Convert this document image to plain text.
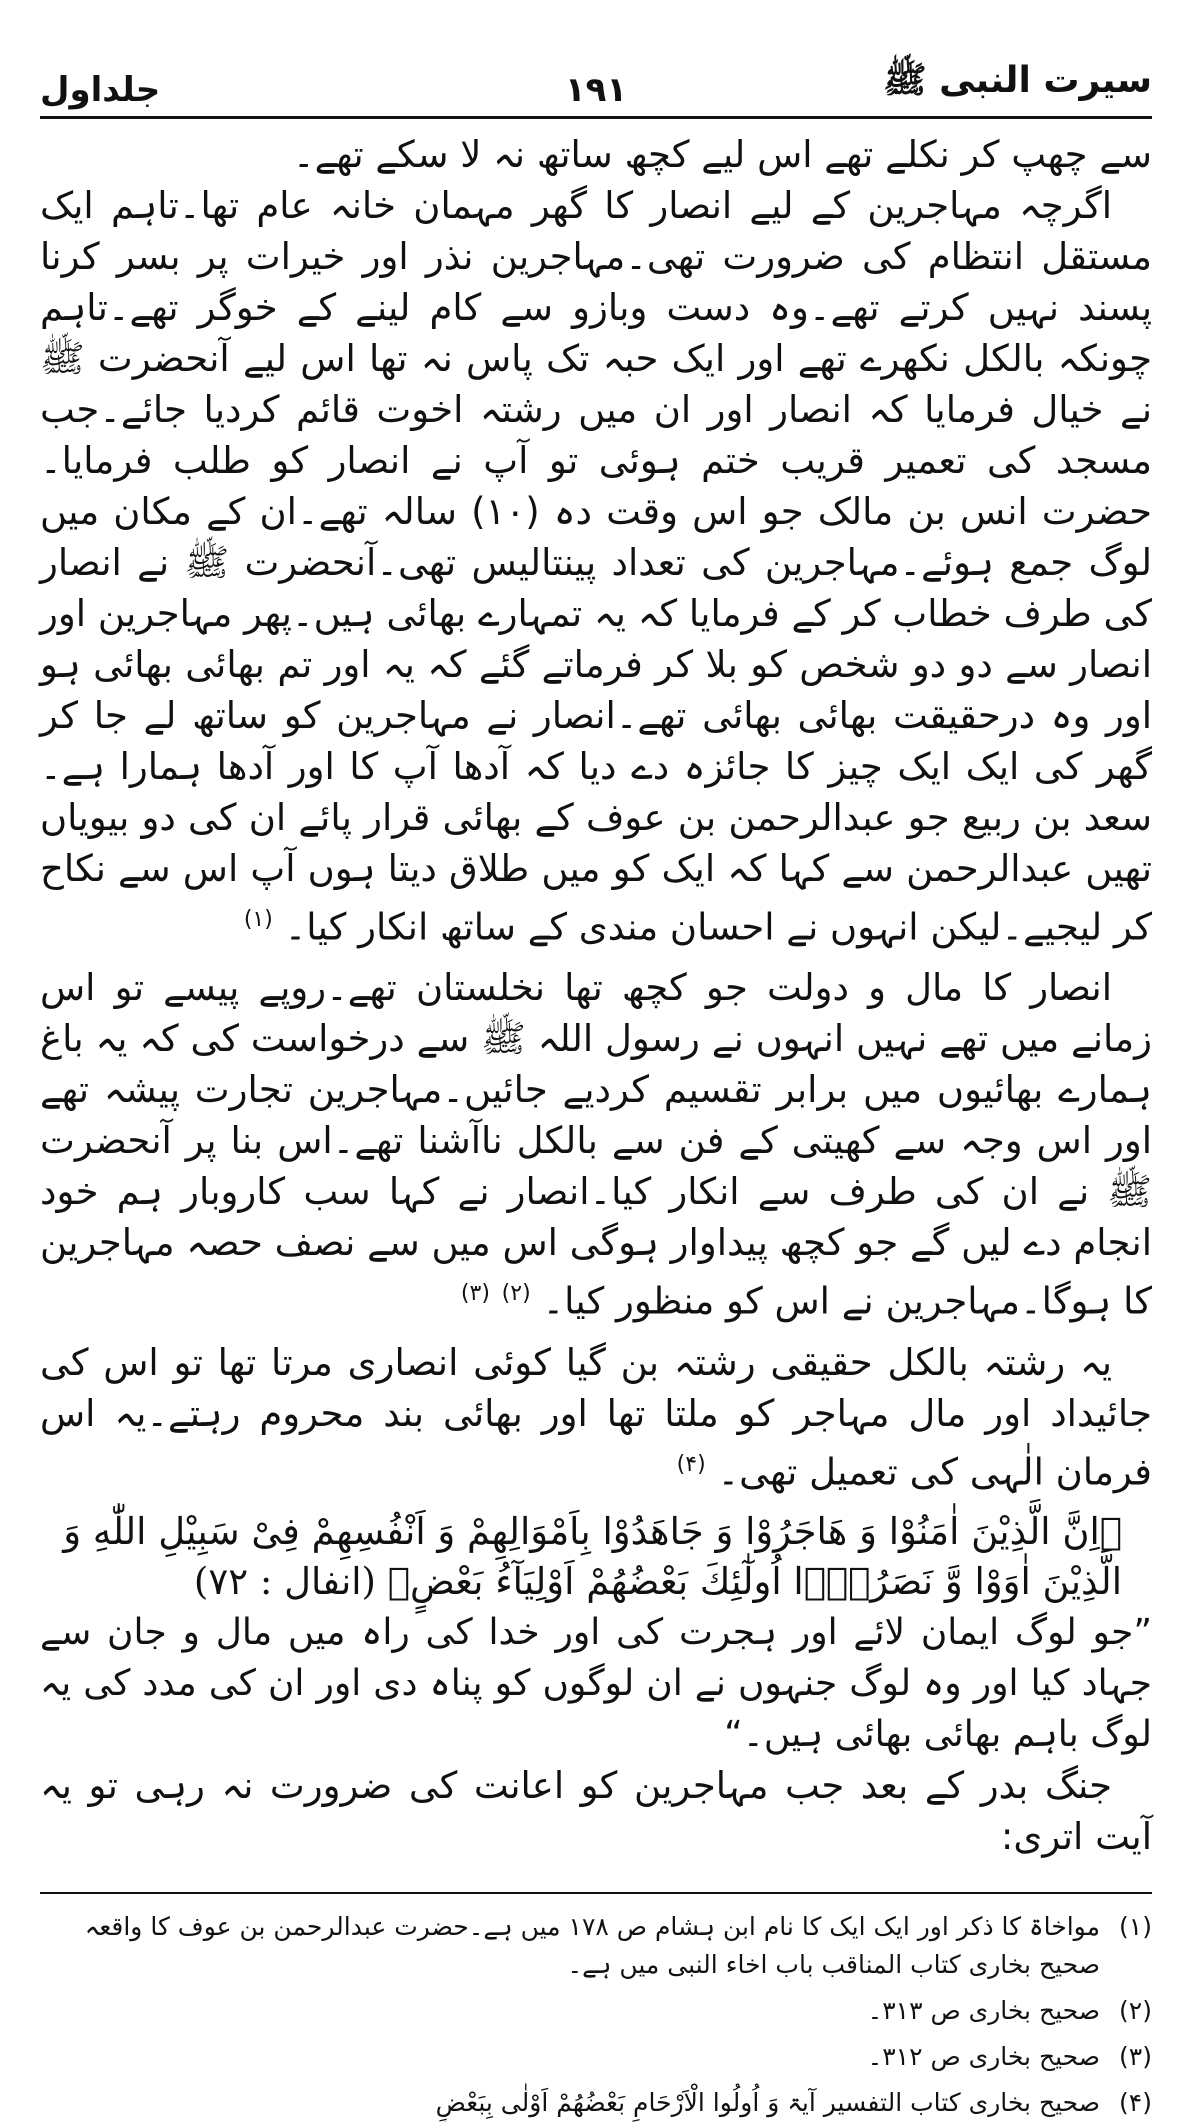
سیرت النبی ﷺ
۱۹۱
جلداول

سے چھپ کر نکلے تھے اس لیے کچھ ساتھ نہ لا سکے تھے۔

اگرچہ مہاجرین کے لیے انصار کا گھر مہمان خانہ عام تھا۔تاہم ایک مستقل انتظام کی ضرورت تھی۔مہاجرین نذر اور خیرات پر بسر کرنا پسند نہیں کرتے تھے۔وہ دست وبازو سے کام لینے کے خوگر تھے۔تاہم چونکہ بالکل نکھرے تھے اور ایک حبہ تک پاس نہ تھا اس لیے آنحضرت ﷺ نے خیال فرمایا کہ انصار اور ان میں رشتہ اخوت قائم کردیا جائے۔جب مسجد کی تعمیر قریب ختم ہوئی تو آپ نے انصار کو طلب فرمایا۔حضرت انس بن مالک جو اس وقت دہ (۱۰) سالہ تھے۔ان کے مکان میں لوگ جمع ہوئے۔مہاجرین کی تعداد پینتالیس تھی۔آنحضرت ﷺ نے انصار کی طرف خطاب کر کے فرمایا کہ یہ تمہارے بھائی ہیں۔پھر مہاجرین اور انصار سے دو دو شخص کو بلا کر فرماتے گئے کہ یہ اور تم بھائی بھائی ہو اور وہ درحقیقت بھائی بھائی تھے۔انصار نے مہاجرین کو ساتھ لے جا کر گھر کی ایک ایک چیز کا جائزہ دے دیا کہ آدھا آپ کا اور آدھا ہمارا ہے۔سعد بن ربیع جو عبدالرحمن بن عوف کے بھائی قرار پائے ان کی دو بیویاں تھیں عبدالرحمن سے کہا کہ ایک کو میں طلاق دیتا ہوں آپ اس سے نکاح کر لیجیے۔لیکن انہوں نے احسان مندی کے ساتھ انکار کیا۔ $^{(۱)}$

انصار کا مال و دولت جو کچھ تھا نخلستان تھے۔روپے پیسے تو اس زمانے میں تھے نہیں انہوں نے رسول اللہ ﷺ سے درخواست کی کہ یہ باغ ہمارے بھائیوں میں برابر تقسیم کردیے جائیں۔مہاجرین تجارت پیشہ تھے اور اس وجہ سے کھیتی کے فن سے بالکل ناآشنا تھے۔اس بنا پر آنحضرت ﷺ نے ان کی طرف سے انکار کیا۔انصار نے کہا سب کاروبار ہم خود انجام دے لیں گے جو کچھ پیداوار ہوگی اس میں سے نصف حصہ مہاجرین کا ہوگا۔مہاجرین نے اس کو منظور کیا۔ $^{(۲)}$ $^{(۳)}$

یہ رشتہ بالکل حقیقی رشتہ بن گیا کوئی انصاری مرتا تھا تو اس کی جائیداد اور مال مہاجر کو ملتا تھا اور بھائی بند محروم رہتے۔یہ اس فرمان الٰہی کی تعمیل تھی۔ $^{(۴)}$

﴿اِنَّ الَّذِیْنَ اٰمَنُوْا وَ هَاجَرُوْا وَ جَاهَدُوْا بِاَمْوَالِهِمْ وَ اَنْفُسِهِمْ فِیْ سَبِیْلِ اللّٰهِ وَ الَّذِیْنَ اٰوَوْا وَّ نَصَرُوْۤا اُولٰٓئِكَ بَعْضُهُمْ اَوْلِیَآءُ بَعْضٍ﴾ (انفال : ۷۲)

”جو لوگ ایمان لائے اور ہجرت کی اور خدا کی راہ میں مال و جان سے جہاد کیا اور وہ لوگ جنہوں نے ان لوگوں کو پناہ دی اور ان کی مدد کی یہ لوگ باہم بھائی بھائی ہیں۔“

جنگ بدر کے بعد جب مہاجرین کو اعانت کی ضرورت نہ رہی تو یہ آیت اتری:

(۱)
مواخاۃ کا ذکر اور ایک ایک کا نام ابن ہشام ص ۱۷۸ میں ہے۔حضرت عبدالرحمن بن عوف کا واقعہ صحیح بخاری کتاب المناقب باب اخاء النبی میں ہے۔
(۲)
صحیح بخاری ص ۳۱۳۔
(۳)
صحیح بخاری ص ۳۱۲۔
(۴)
صحیح بخاری کتاب التفسیر آیۃ وَ اُولُوا الْاَرْحَامِ بَعْضُهُمْ اَوْلٰی بِبَعْضٍ
